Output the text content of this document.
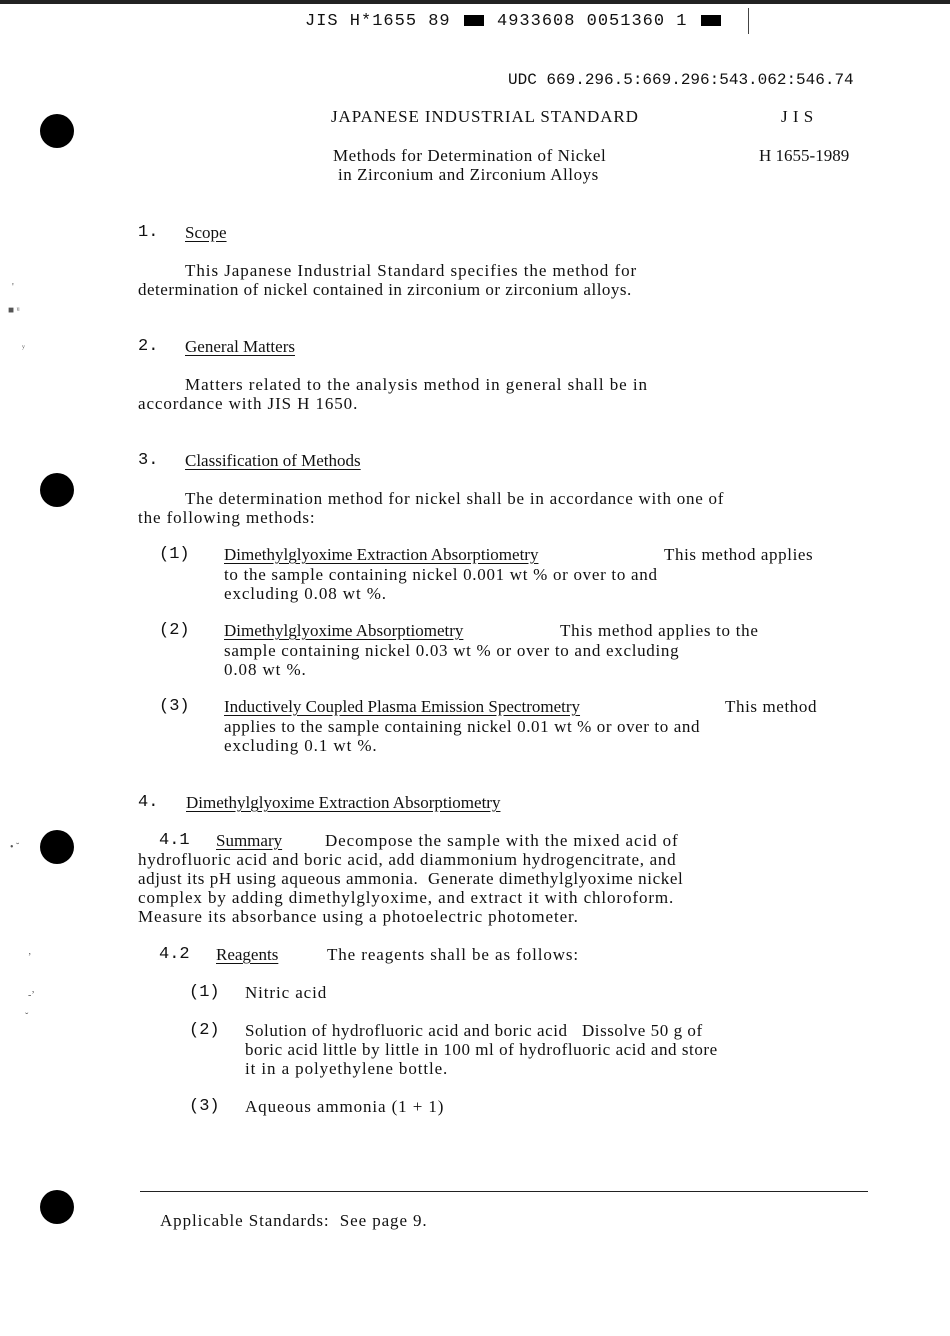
JIS H*1655 89	4933608 0051360 1
'
■ ᵘ
ʸ
• ˘
ʼ
-ʼ
ˇ
UDC 669.296.5:669.296:543.062:546.74
JAPANESE INDUSTRIAL STANDARD	J I S
Methods for Determination of Nickel
in Zirconium and Zirconium Alloys
H 1655-1989
1. Scope
This Japanese Industrial Standard specifies the method for
determination of nickel contained in zirconium or zirconium alloys.
2. General Matters
Matters related to the analysis method in general shall be in
accordance with JIS H 1650.
3. Classification of Methods
The determination method for nickel shall be in accordance with one of
the following methods:
(1) Dimethylglyoxime Extraction Absorptiometry	This method applies
to the sample containing nickel 0.001 wt % or over to and
excluding 0.08 wt %.
(2) Dimethylglyoxime Absorptiometry	This method applies to the
sample containing nickel 0.03 wt % or over to and excluding
0.08 wt %.
(3) Inductively Coupled Plasma Emission Spectrometry	This method
applies to the sample containing nickel 0.01 wt % or over to and
excluding 0.1 wt %.
4. Dimethylglyoxime Extraction Absorptiometry
4.1 Summary	Decompose the sample with the mixed acid of
hydrofluoric acid and boric acid, add diammonium hydrogencitrate, and
adjust its pH using aqueous ammonia.  Generate dimethylglyoxime nickel
complex by adding dimethylglyoxime, and extract it with chloroform.
Measure its absorbance using a photoelectric photometer.
4.2 Reagents	The reagents shall be as follows:
(1) Nitric acid
(2) Solution of hydrofluoric acid and boric acid   Dissolve 50 g of
boric acid little by little in 100 ml of hydrofluoric acid and store
it in a polyethylene bottle.
(3) Aqueous ammonia (1 + 1)
Applicable Standards:  See page 9.
